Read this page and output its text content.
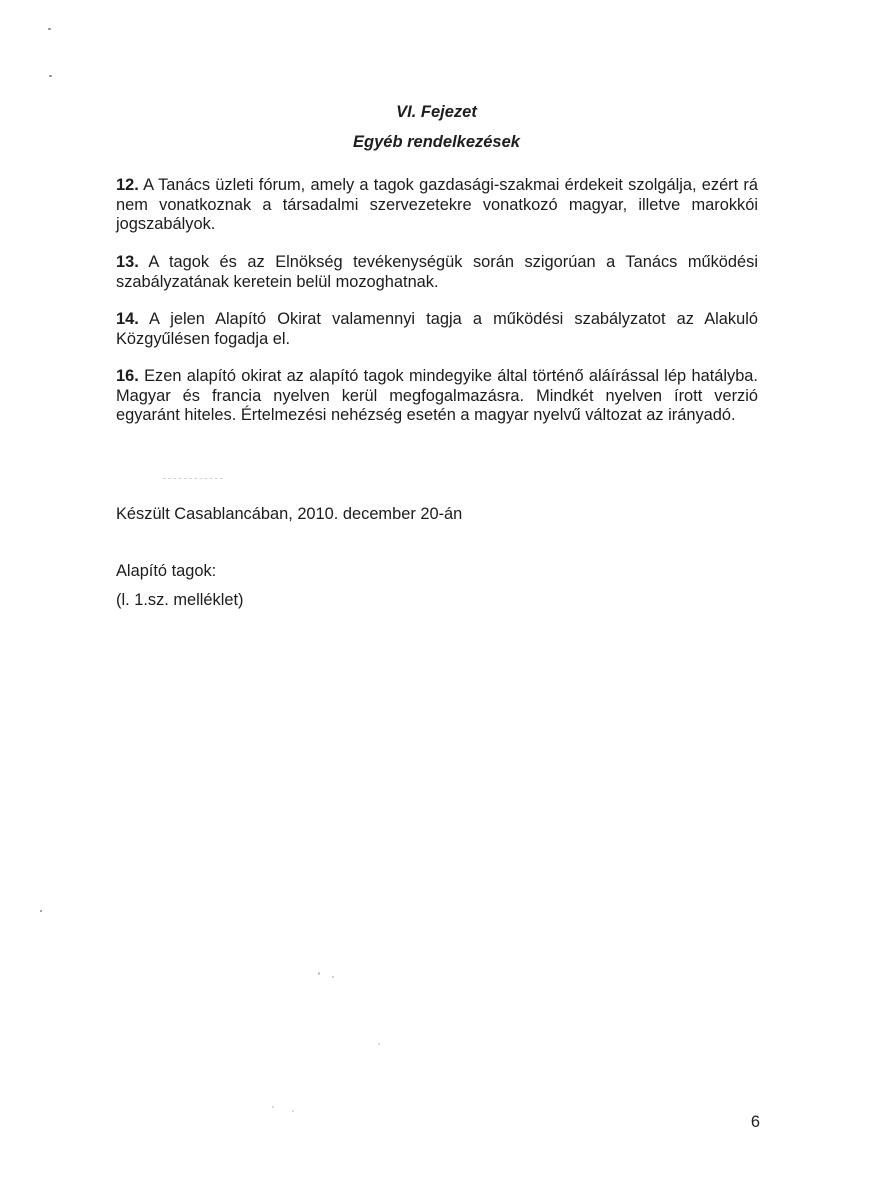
VI. Fejezet
Egyéb rendelkezések
12. A Tanács üzleti fórum, amely a tagok gazdasági-szakmai érdekeit szolgálja, ezért rá nem vonatkoznak a társadalmi szervezetekre vonatkozó magyar, illetve marokkói jogszabályok.
13. A tagok és az Elnökség tevékenységük során szigorúan a Tanács működési szabályzatának keretein belül mozoghatnak.
14. A jelen Alapító Okirat valamennyi tagja a működési szabályzatot az Alakuló Közgyűlésen fogadja el.
16. Ezen alapító okirat az alapító tagok mindegyike által történő aláírással lép hatályba. Magyar és francia nyelven kerül megfogalmazásra. Mindkét nyelven írott verzió egyaránt hiteles. Értelmezési nehézség esetén a magyar nyelvű változat az irányadó.
Készült Casablancában, 2010. december 20-án
Alapító tagok:
(l. 1.sz. melléklet)
6
